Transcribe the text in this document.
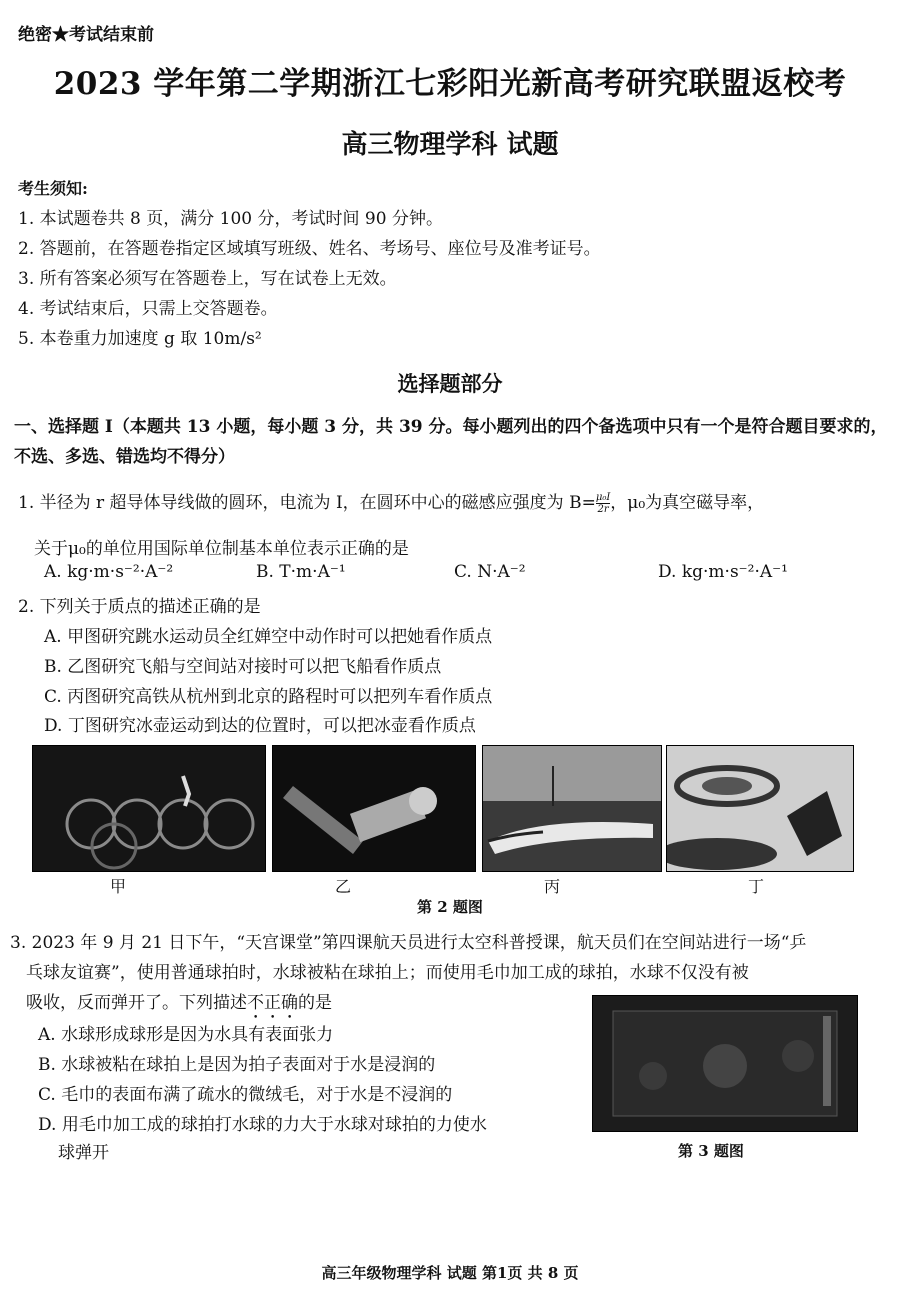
绝密★考试结束前
2023 学年第二学期浙江七彩阳光新高考研究联盟返校考
高三物理学科 试题
考生须知:
1. 本试题卷共 8 页，满分 100 分，考试时间 90 分钟。
2. 答题前，在答题卷指定区域填写班级、姓名、考场号、座位号及准考证号。
3. 所有答案必须写在答题卷上，写在试卷上无效。
4. 考试结束后，只需上交答题卷。
5. 本卷重力加速度 g 取 10m/s²
选择题部分
一、选择题 I（本题共 13 小题，每小题 3 分，共 39 分。每小题列出的四个备选项中只有一个是符合题目要求的，不选、多选、错选均不得分）
1. 半径为 r 超导体导线做的圆环，电流为 I，在圆环中心的磁感应强度为 $B= \frac{\text{μ₀I}}{2r}$ ，μ₀为真空磁导率，
关于μ₀的单位用国际单位制基本单位表示正确的是
A. kg·m·s⁻²·A⁻²	B. T·m·A⁻¹	C. N·A⁻²	D. kg·m·s⁻²·A⁻¹
2. 下列关于质点的描述正确的是
A. 甲图研究跳水运动员全红婵空中动作时可以把她看作质点
B. 乙图研究飞船与空间站对接时可以把飞船看作质点
C. 丙图研究高铁从杭州到北京的路程时可以把列车看作质点
D. 丁图研究冰壶运动到达的位置时，可以把冰壶看作质点
甲	乙	丙	丁
第 2 题图
3. 2023 年 9 月 21 日下午，“天宫课堂”第四课航天员进行太空科普授课，航天员们在空间站进行一场“乒
乓球友谊赛”，使用普通球拍时，水球被粘在球拍上；而使用毛巾加工成的球拍，水球不仅没有被
吸收，反而弹开了。下列描述不正确的是
A. 水球形成球形是因为水具有表面张力
B. 水球被粘在球拍上是因为拍子表面对于水是浸润的
C. 毛巾的表面布满了疏水的微绒毛，对于水是不浸润的
D. 用毛巾加工成的球拍打水球的力大于水球对球拍的力使水
球弹开	第 3 题图
高三年级物理学科 试题 第1页 共 8 页
